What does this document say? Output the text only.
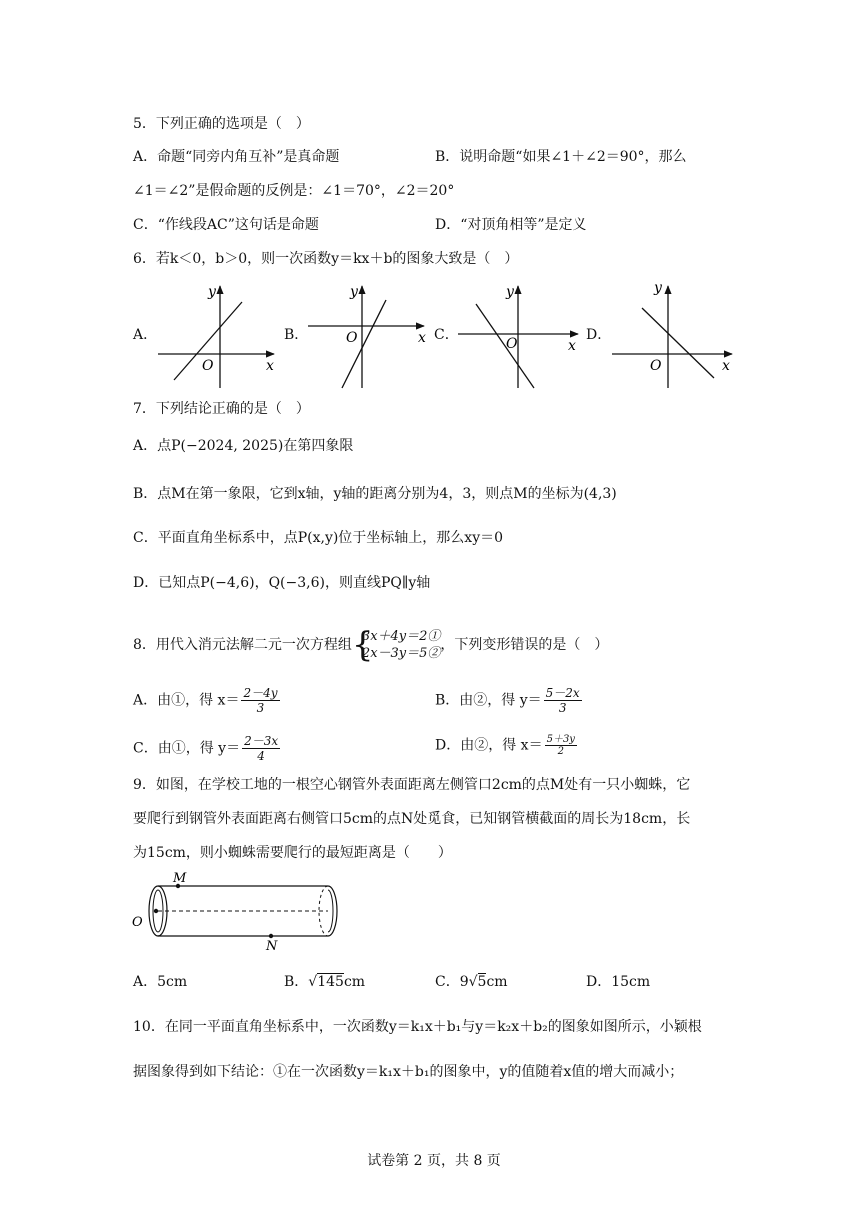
5．下列正确的选项是（　）
A．命题“同旁内角互补”是真命题	B．说明命题“如果∠1＋∠2＝90°，那么
∠1＝∠2”是假命题的反例是：∠1＝70°，∠2＝20°
C．“作线段AC”这句话是命题	D．“对顶角相等”是定义
6．若k＜0，b＞0，则一次函数y＝kx＋b的图象大致是（　）
A．
y
x
O
B．
y
x
O	C．
y
x
O
D．
y
x
O
7．下列结论正确的是（　）
A．点P(−2024, 2025)在第四象限
B．点M在第一象限，它到x轴，y轴的距离分别为4，3，则点M的坐标为(4,3)
C．平面直角坐标系中，点P(x,y)位于坐标轴上，那么xy＝0
D．已知点P(−4,6)，Q(−3,6)，则直线PQ∥y轴
8．用代入消元法解二元一次方程组 {
3x＋4y＝2①
2x－3y＝5②
，下列变形错误的是（　）
A．由①，得 $x= \frac{2-4y}{3}$	B．由②，得 $y= \frac{5-2x}{3}$
C．由①，得 $y= \frac{2-3x}{4}$	D．由②，得 $x= \frac{5+3y}{2}$
9．如图，在学校工地的一根空心钢管外表面距离左侧管口2cm的点M处有一只小蜘蛛，它
要爬行到钢管外表面距离右侧管口5cm的点N处觅食，已知钢管横截面的周长为18cm，长
为15cm，则小蜘蛛需要爬行的最短距离是（　　）
M
N
O
A．5cm	B．√145cm	C．9√5cm	D．15cm
10．在同一平面直角坐标系中，一次函数y＝k₁x＋b₁与y＝k₂x＋b₂的图象如图所示，小颖根
据图象得到如下结论：①在一次函数y＝k₁x＋b₁的图象中，y的值随着x值的增大而减小；
试卷第 2 页，共 8 页
